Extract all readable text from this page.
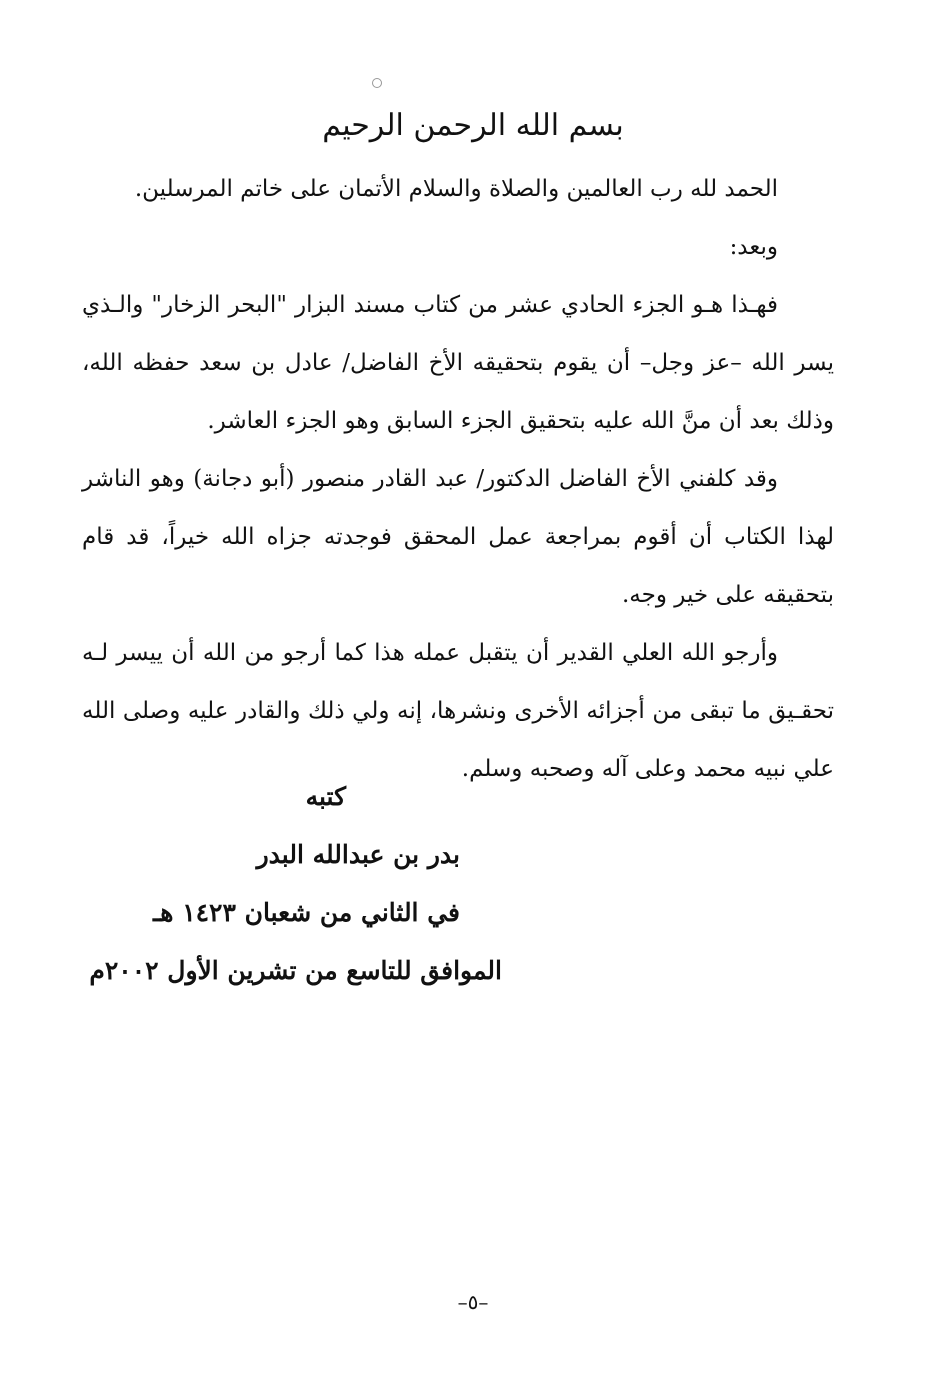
بسم الله الرحمن الرحيم

الحمد لله رب العالمين والصلاة والسلام الأتمان على خاتم المرسلين.

وبعد:

فهـذا هـو الجزء الحادي عشر من كتاب مسند البزار "البحر الزخار" والـذي يسر الله –عز وجل– أن يقوم بتحقيقه الأخ الفاضل/ عادل بن سعد حفظه الله، وذلك بعد أن منَّ الله عليه بتحقيق الجزء السابق وهو الجزء العاشر.

وقد كلفني الأخ الفاضل الدكتور/ عبد القادر منصور (أبو دجانة) وهو الناشر لهذا الكتاب أن أقوم بمراجعة عمل المحقق فوجدته جزاه الله خيراً، قد قام بتحقيقه على خير وجه.

وأرجو الله العلي القدير أن يتقبل عمله هذا كما أرجو من الله أن ييسر لـه تحقـيق ما تبقى من أجزائه الأخرى ونشرها، إنه ولي ذلك والقادر عليه وصلى الله علي نبيه محمد وعلى آله وصحبه وسلم.

كتبه
بدر بن عبدالله البدر
في الثاني من شعبان ١٤٢٣ هـ
الموافق للتاسع من تشرين الأول ٢٠٠٢م
–٥–
